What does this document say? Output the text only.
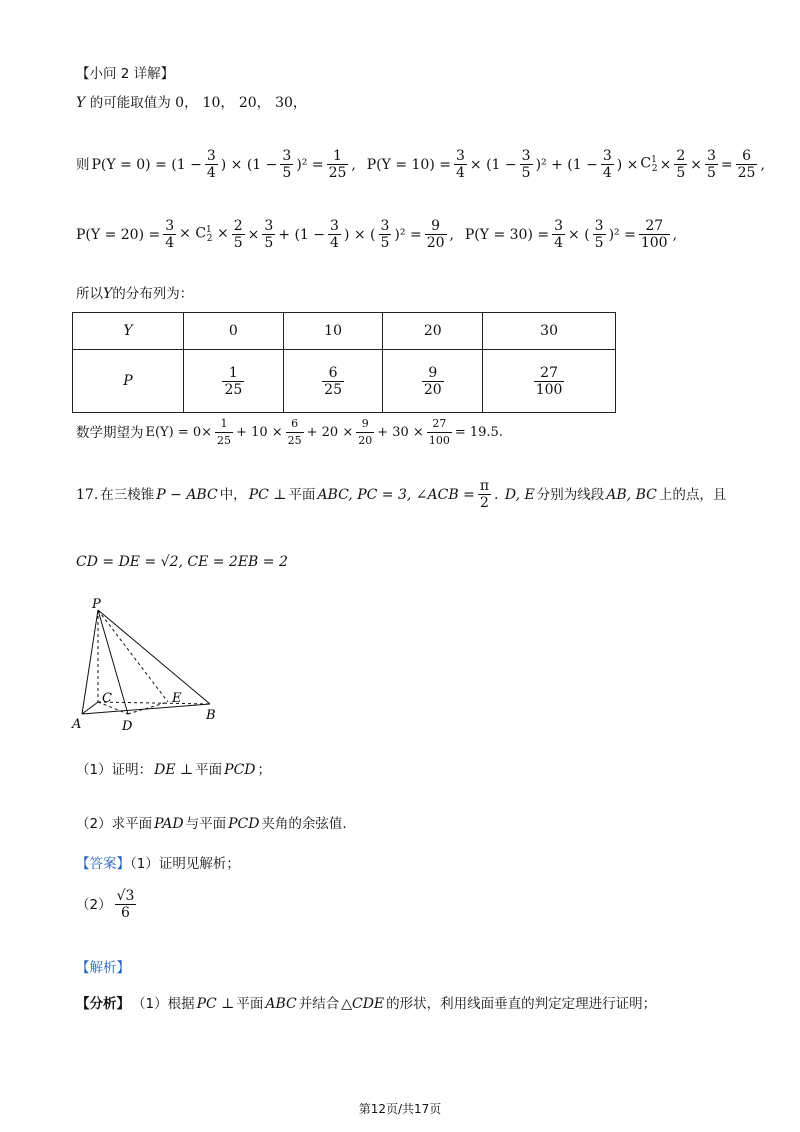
【小问 2 详解】
Y 的可能取值为 0， 10， 20， 30，
则 $P(Y = 0) = (1 - \frac{3}{4}$ ) × $(1 - \frac{3}{5} )^2 = \frac{1}{25}$ , $P(Y = 10) = \frac{3}{4} \times (1 - \frac{3}{5} )^2 + (1 - \frac{3}{4}$ ) × $C^1_2 \times \frac{2}{5} \times \frac{3}{5} = \frac{6}{25}$ ,
$P(Y = 20) = \frac{3}{4} \times C^1_2 \times \frac{2}{5} \times \frac{3}{5} + (1 - \frac{3}{4}$ ) × ( $\frac{3}{5} )^2 = \frac{9}{20}$ , $P(Y = 30) = \frac{3}{4}$ × ( $\frac{3}{5} )^2 = \frac{27}{100}$ ,
所以Y的分布列为：
Y	0	10	20	30
P	$\frac{1}{25}$	$\frac{6}{25}$	$\frac{9}{20}$	$\frac{27}{100}$
数学期望为 $E(Y) = 0\times \frac{1}{25} + 10 \times \frac{6}{25} + 20 \times \frac{9}{20} + 30 \times \frac{27}{100} = 19.5$.
17. 在三棱锥 P − ABC 中， PC ⊥ 平面 ABC, PC = 3, ∠ACB = $\frac{\pi}{2}$ . D, E 分别为线段 AB, BC 上的点，且
CD = DE = √2, CE = 2EB = 2
P
C	E
A	D
B
（1）证明： DE ⊥ 平面 PCD ；
（2）求平面 PAD 与平面 PCD 夹角的余弦值.
【答案】（1）证明见解析；
$(2) \frac{√3}{6}$
【解析】
【分析】 （1）根据 PC ⊥ 平面 ABC 并结合 △CDE 的形状，利用线面垂直的判定定理进行证明；
第12页/共17页
